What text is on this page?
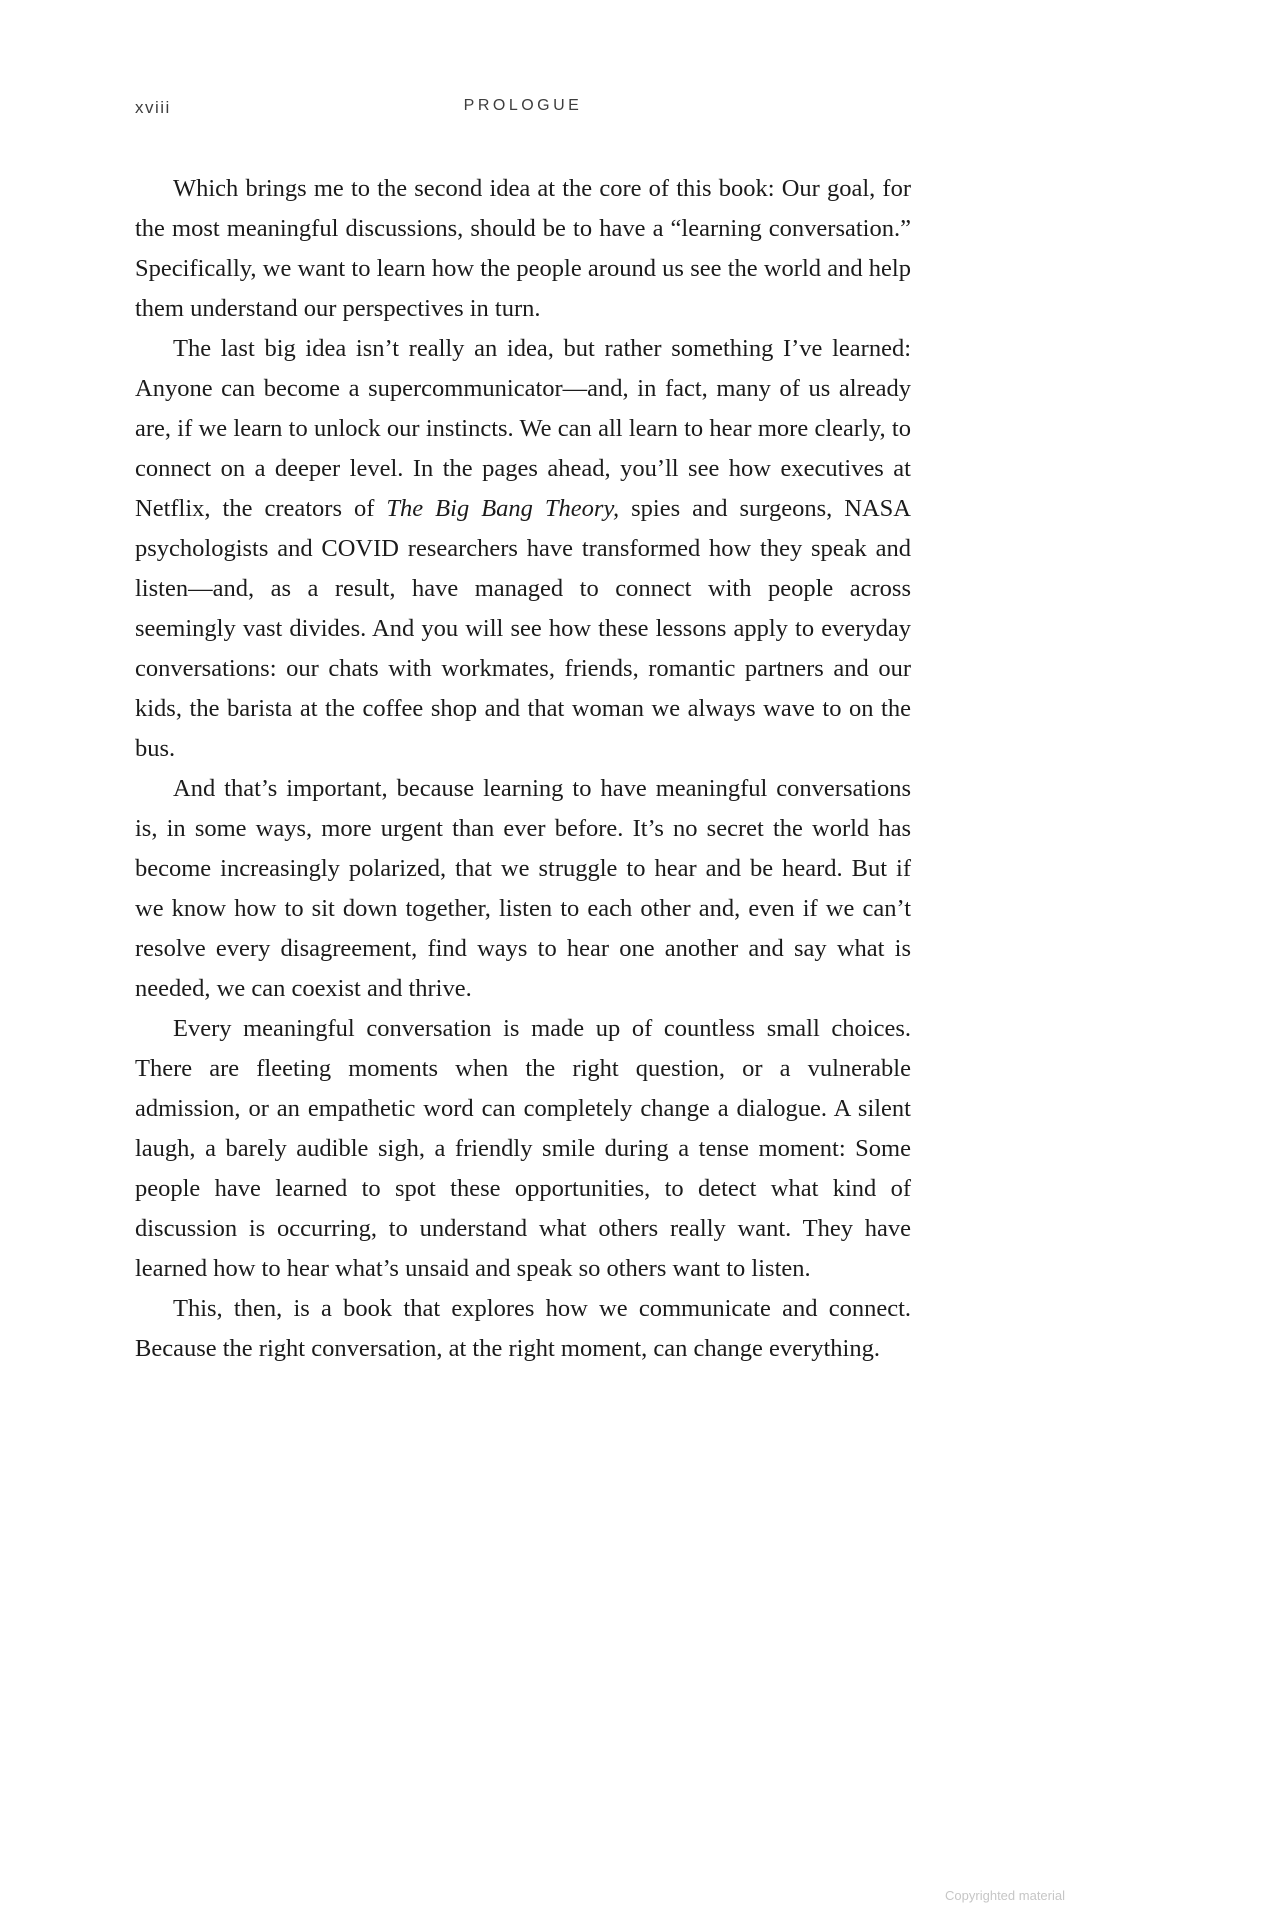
xviii	PROLOGUE

Which brings me to the second idea at the core of this book: Our goal, for the most meaningful discussions, should be to have a “learning conversation.” Specifically, we want to learn how the people around us see the world and help them understand our perspectives in turn.

The last big idea isn’t really an idea, but rather something I’ve learned: Anyone can become a supercommunicator—and, in fact, many of us already are, if we learn to unlock our instincts. We can all learn to hear more clearly, to connect on a deeper level. In the pages ahead, you’ll see how executives at Netflix, the creators of The Big Bang Theory, spies and surgeons, NASA psychologists and COVID researchers have transformed how they speak and listen—and, as a result, have managed to connect with people across seemingly vast divides. And you will see how these lessons apply to everyday conversations: our chats with workmates, friends, romantic partners and our kids, the barista at the coffee shop and that woman we always wave to on the bus.

And that’s important, because learning to have meaningful conversations is, in some ways, more urgent than ever before. It’s no secret the world has become increasingly polarized, that we struggle to hear and be heard. But if we know how to sit down together, listen to each other and, even if we can’t resolve every disagreement, find ways to hear one another and say what is needed, we can coexist and thrive.

Every meaningful conversation is made up of countless small choices. There are fleeting moments when the right question, or a vulnerable admission, or an empathetic word can completely change a dialogue. A silent laugh, a barely audible sigh, a friendly smile during a tense moment: Some people have learned to spot these opportunities, to detect what kind of discussion is occurring, to understand what others really want. They have learned how to hear what’s unsaid and speak so others want to listen.

This, then, is a book that explores how we communicate and connect. Because the right conversation, at the right moment, can change everything.

Copyrighted material
